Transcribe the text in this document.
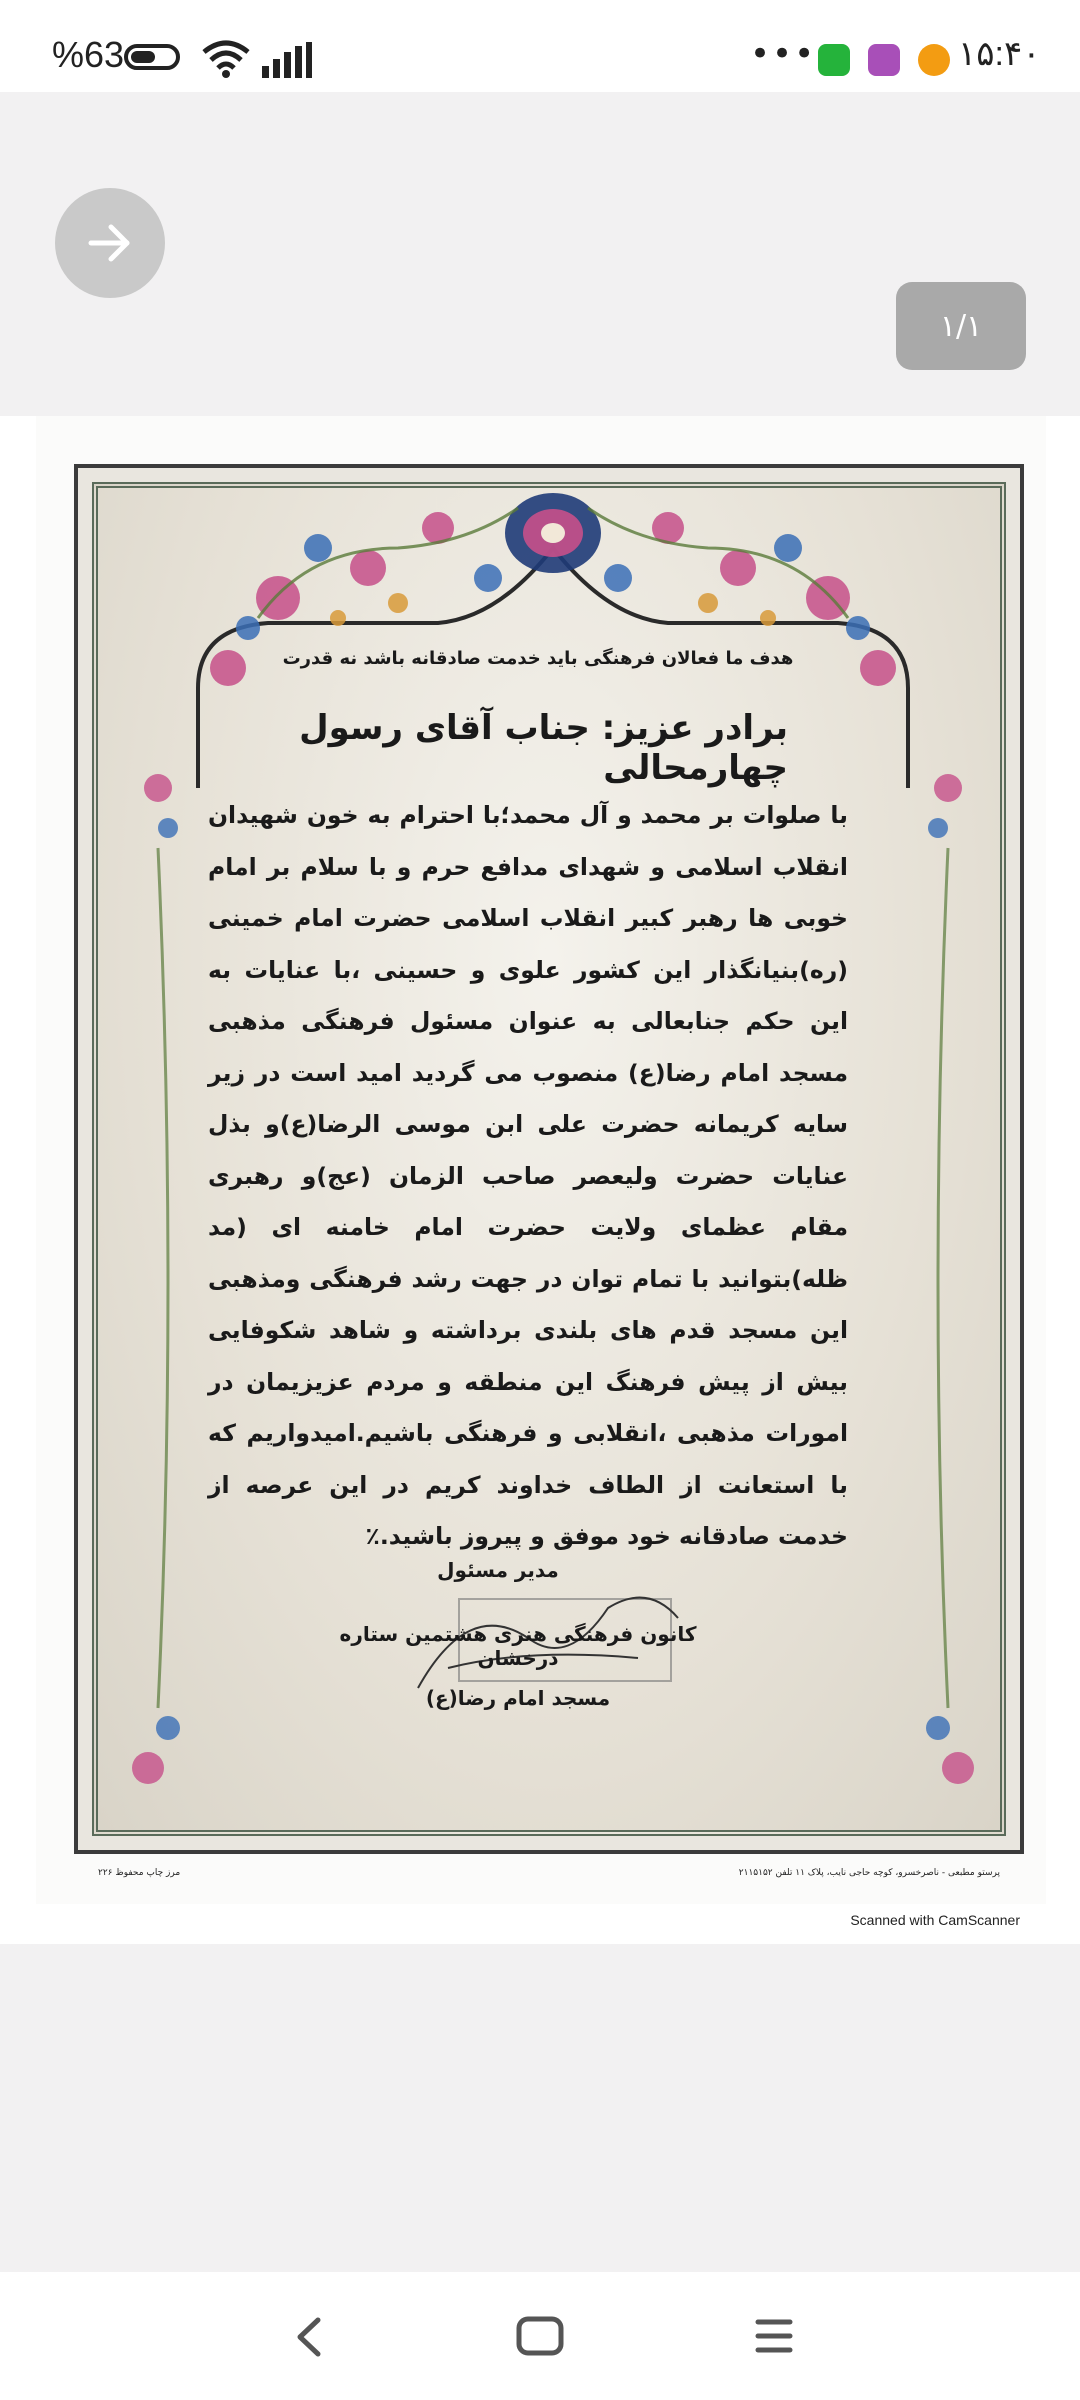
%63	•••	۱۵:۴۰
۱/۱
هدف ما فعالان فرهنگی باید خدمت صادقانه باشد نه قدرت
برادر عزیز: جناب آقای رسول چهارمحالی
با صلوات بر محمد و آل محمد؛با احترام به خون شهیدان انقلاب اسلامی و شهدای مدافع حرم و با سلام بر امام خوبی ها رهبر کبیر انقلاب اسلامی حضرت امام خمینی (ره)بنیانگذار این کشور علوی و حسینی ،با عنایات به این حکم جنابعالی به عنوان مسئول فرهنگی مذهبی مسجد امام رضا(ع) منصوب می گردید امید است در زیر سایه کریمانه حضرت علی ابن موسی الرضا(ع)و بذل عنایات حضرت ولیعصر صاحب الزمان (عج)و رهبری مقام عظمای ولایت حضرت امام خامنه ای (مد ظله)بتوانید با تمام توان در جهت رشد فرهنگی ومذهبی این مسجد قدم های بلندی برداشته و شاهد شکوفایی بیش از پیش فرهنگ این منطقه و مردم عزیزیمان در امورات مذهبی ،انقلابی و فرهنگی باشیم.امیدواریم که با استعانت از الطاف خداوند کریم در این عرصه از خدمت صادقانه خود موفق و پیروز باشید.٪
مدیر مسئول
کانون فرهنگی هنری هشتمین ستاره درخشان
مسجد امام رضا(ع)
پرستو مطبعی - ناصرخسرو، کوچه حاجی نایب، پلاک ۱۱ تلفن ۲۱۱۵۱۵۲
مرز چاپ محفوظ ۲۲۶
Scanned with CamScanner
